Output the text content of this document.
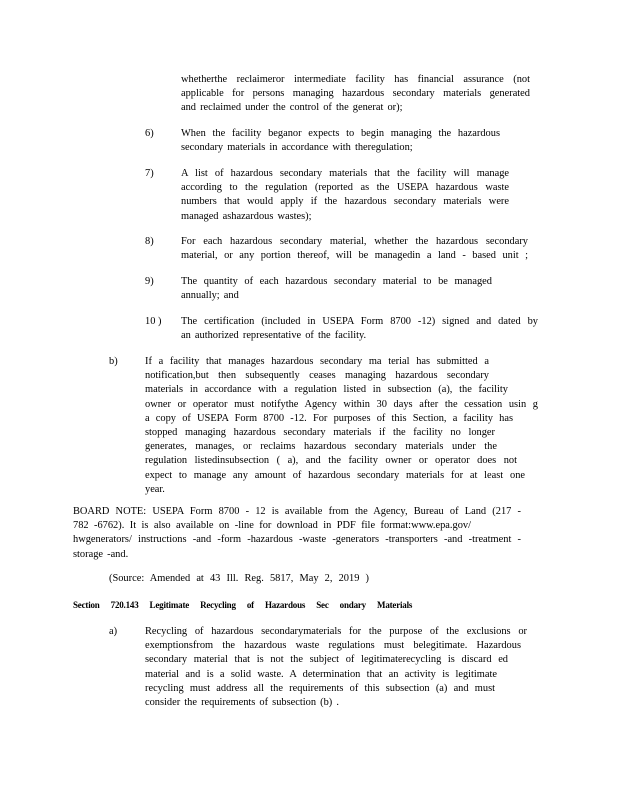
whetherthe reclaimeror intermediate facility has financial assurance (not
applicable for persons managing hazardous secondary materials generated
and reclaimed under the control of the generat or);
6)	When the facility beganor expects to begin managing the hazardous
secondary materials in accordance with theregulation;
7)	A list of hazardous secondary materials that the facility will manage
according to the regulation (reported as the USEPA hazardous waste
numbers that would apply if the hazardous secondary materials were
managed ashazardous wastes);
8)	For each hazardous secondary material, whether the hazardous secondary
material, or any portion thereof, will be managedin a land - based unit ;
9)	The quantity of each hazardous secondary material to be managed
annually; and
10 ) The certification (included in USEPA Form 8700 -12) signed and dated by
an authorized representative of the facility.
b)	If a facility that manages hazardous secondary ma terial has submitted a
notification,but then subsequently ceases managing hazardous secondary
materials in accordance with a regulation listed in subsection (a), the facility
owner or operator must notifythe Agency within 30 days after the cessation usin g
a copy of USEPA Form 8700 -12. For purposes of this Section, a facility has
stopped managing hazardous secondary materials if the facility no longer
generates, manages, or reclaims hazardous secondary materials under the
regulation listedinsubsection ( a), and the facility owner or operator does not
expect to manage any amount of hazardous secondary materials for at least one
year.
BOARD NOTE: USEPA Form 8700 - 12 is available from the Agency, Bureau of Land (217 -
782 -6762). It is also available on -line for download in PDF file format:www.epa.gov/
hwgenerators/ instructions -and -form -hazardous -waste -generators -transporters -and -treatment -
storage -and.
(Source: Amended at 43 Ill. Reg. 5817, May 2, 2019 )
Section 720.143 Legitimate Recycling of Hazardous Sec ondary Materials
a)	Recycling of hazardous secondarymaterials for the purpose of the exclusions or
exemptionsfrom the hazardous waste regulations must belegitimate. Hazardous
secondary material that is not the subject of legitimaterecycling is discard ed
material and is a solid waste. A determination that an activity is legitimate
recycling must address all the requirements of this subsection (a) and must
consider the requirements of subsection (b) .
